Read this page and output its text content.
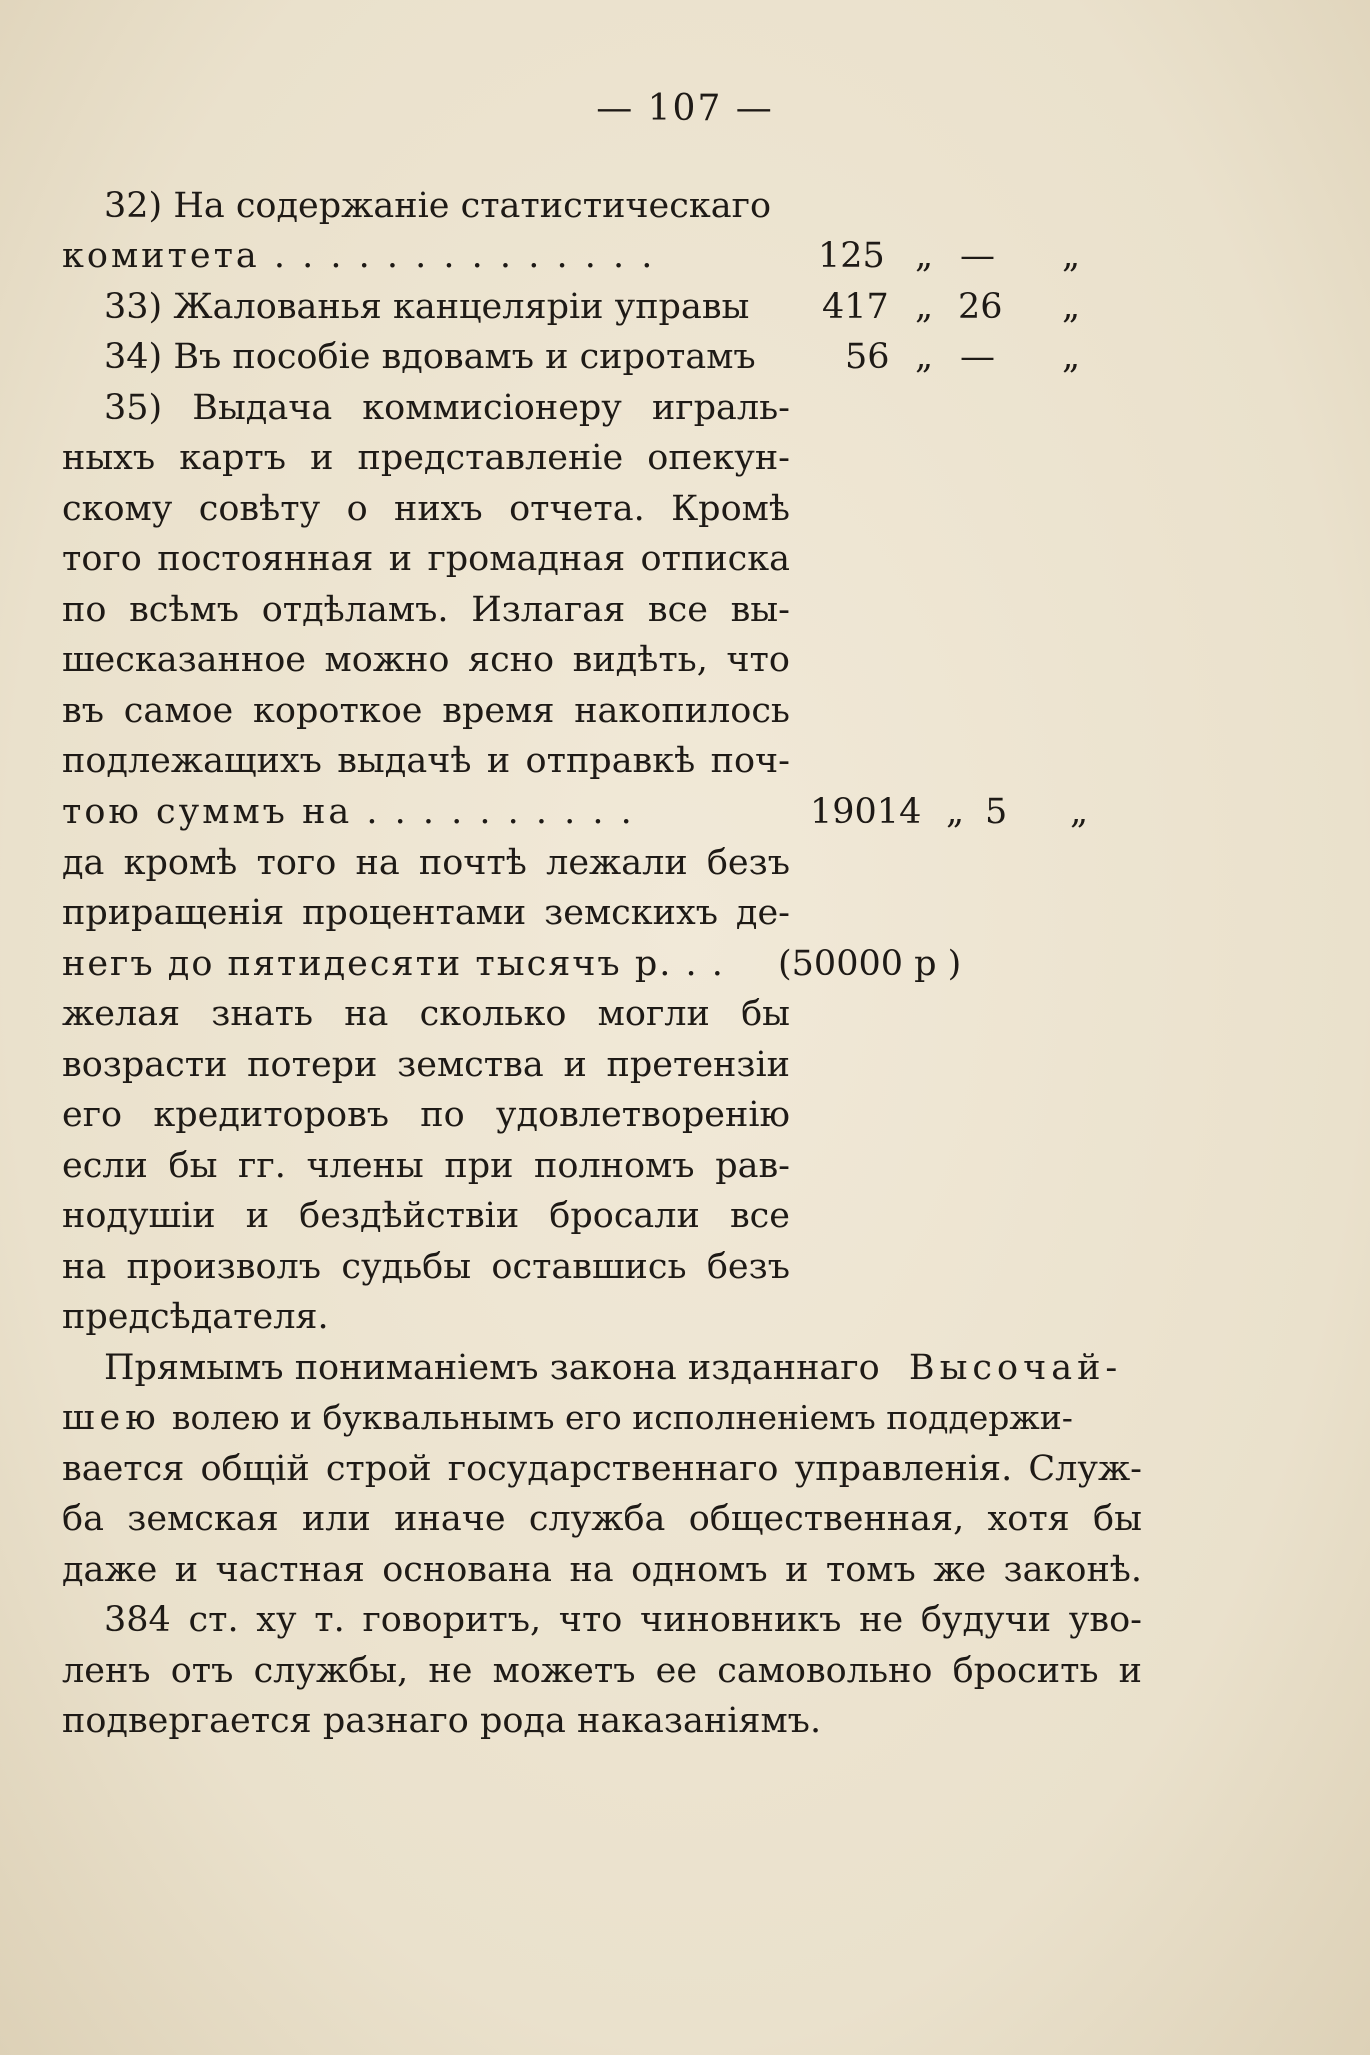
— 107 —
32) На содержаніе статистическаго
комитета . . . . . . . . . . . . . .	125 „ — „
33) Жалованья канцеляріи управы 417 „ 26 „
34) Въ пособіе вдовамъ и сиротамъ	56 „ — „
35) Выдача коммисіонеру играль-
ныхъ картъ и представленіе опекун-
скому совѣту о нихъ отчета. Кромѣ
того постоянная и громадная отписка
по всѣмъ отдѣламъ. Излагая все вы-
шесказанное можно ясно видѣть, что
въ самое короткое время накопилось
подлежащихъ выдачѣ и отправкѣ поч-
тою суммъ на . . . . . . . . . .	19014 „ 5 „
да кромѣ того на почтѣ лежали безъ
приращенія процентами земскихъ де-
негъ до пятидесяти тысячъ р. . . (50000 р )
желая знать на сколько могли бы
возрасти потери земства и претензіи
его кредиторовъ по удовлетворенію
если бы гг. члены при полномъ рав-
нодушіи и бездѣйствіи бросали все
на произволъ судьбы оставшись безъ
предсѣдателя.
Прямымъ пониманіемъ закона изданнаго Высочай-
шею волею и буквальнымъ его исполненіемъ поддержи-
вается общій строй государственнаго управленія. Служ-
ба земская или иначе служба общественная, хотя бы
даже и частная основана на одномъ и томъ же законѣ.
384 ст. ху т. говоритъ, что чиновникъ не будучи уво-
ленъ отъ службы, не можетъ ее самовольно бросить и
подвергается разнаго рода наказаніямъ.
